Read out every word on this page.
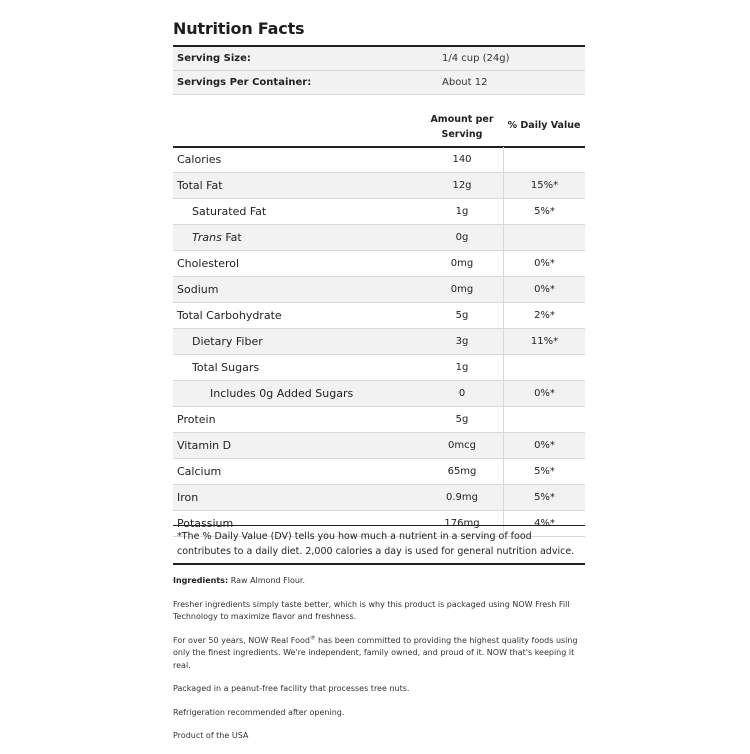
Nutrition Facts
Serving Size:	1/4 cup (24g)
Servings Per Container:	About 12
Amount per
Serving
% Daily Value
Calories	140
Total Fat	12g	15%*
Saturated Fat	1g	5%*
Trans Fat	0g
Cholesterol	0mg	0%*
Sodium	0mg	0%*
Total Carbohydrate	5g	2%*
Dietary Fiber	3g	11%*
Total Sugars	1g
Includes 0g Added Sugars	0	0%*
Protein	5g
Vitamin D	0mcg	0%*
Calcium	65mg	5%*
Iron	0.9mg	5%*
Potassium	176mg	4%*
*The % Daily Value (DV) tells you how much a nutrient in a serving of food contributes to a daily diet. 2,000 calories a day is used for general nutrition advice.

Ingredients: Raw Almond Flour.

Fresher ingredients simply taste better, which is why this product is packaged using NOW Fresh Fill Technology to maximize flavor and freshness.

For over 50 years, NOW Real Food® has been committed to providing the highest quality foods using only the finest ingredients. We're independent, family owned, and proud of it. NOW that's keeping it real.

Packaged in a peanut-free facility that processes tree nuts.

Refrigeration recommended after opening.

Product of the USA
